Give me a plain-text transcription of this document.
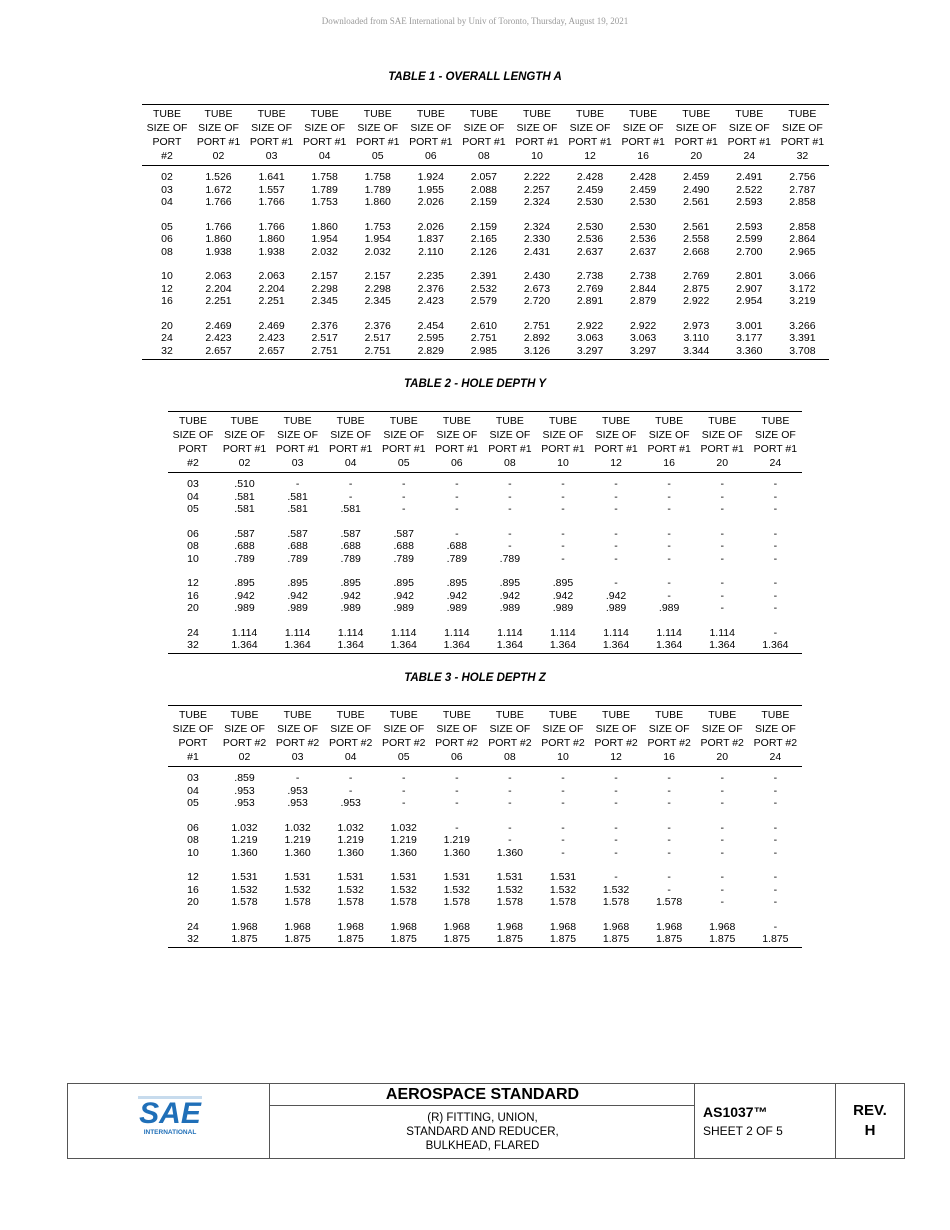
Downloaded from SAE International by Univ of Toronto, Thursday, August 19, 2021
TABLE 1 - OVERALL LENGTH A
TUBE	TUBE	TUBE	TUBE	TUBE	TUBE	TUBE	TUBE	TUBE	TUBE	TUBE	TUBE	TUBE
SIZE OF	SIZE OF	SIZE OF	SIZE OF	SIZE OF	SIZE OF	SIZE OF	SIZE OF	SIZE OF	SIZE OF	SIZE OF	SIZE OF	SIZE OF
PORT	PORT #1	PORT #1	PORT #1	PORT #1	PORT #1	PORT #1	PORT #1	PORT #1	PORT #1	PORT #1	PORT #1	PORT #1
#2	02	03	04	05	06	08	10	12	16	20	24	32
02	1.526	1.641	1.758	1.758	1.924	2.057	2.222	2.428	2.428	2.459	2.491	2.756
03	1.672	1.557	1.789	1.789	1.955	2.088	2.257	2.459	2.459	2.490	2.522	2.787
04	1.766	1.766	1.753	1.860	2.026	2.159	2.324	2.530	2.530	2.561	2.593	2.858
05	1.766	1.766	1.860	1.753	2.026	2.159	2.324	2.530	2.530	2.561	2.593	2.858
06	1.860	1.860	1.954	1.954	1.837	2.165	2.330	2.536	2.536	2.558	2.599	2.864
08	1.938	1.938	2.032	2.032	2.110	2.126	2.431	2.637	2.637	2.668	2.700	2.965
10	2.063	2.063	2.157	2.157	2.235	2.391	2.430	2.738	2.738	2.769	2.801	3.066
12	2.204	2.204	2.298	2.298	2.376	2.532	2.673	2.769	2.844	2.875	2.907	3.172
16	2.251	2.251	2.345	2.345	2.423	2.579	2.720	2.891	2.879	2.922	2.954	3.219
20	2.469	2.469	2.376	2.376	2.454	2.610	2.751	2.922	2.922	2.973	3.001	3.266
24	2.423	2.423	2.517	2.517	2.595	2.751	2.892	3.063	3.063	3.110	3.177	3.391
32	2.657	2.657	2.751	2.751	2.829	2.985	3.126	3.297	3.297	3.344	3.360	3.708
TABLE 2 - HOLE DEPTH Y
TUBE	TUBE	TUBE	TUBE	TUBE	TUBE	TUBE	TUBE	TUBE	TUBE	TUBE	TUBE
SIZE OF	SIZE OF	SIZE OF	SIZE OF	SIZE OF	SIZE OF	SIZE OF	SIZE OF	SIZE OF	SIZE OF	SIZE OF	SIZE OF
PORT	PORT #1	PORT #1	PORT #1	PORT #1	PORT #1	PORT #1	PORT #1	PORT #1	PORT #1	PORT #1	PORT #1
#2	02	03	04	05	06	08	10	12	16	20	24
03	.510	-	-	-	-	-	-	-	-	-	-
04	.581	.581	-	-	-	-	-	-	-	-	-
05	.581	.581	.581	-	-	-	-	-	-	-	-
06	.587	.587	.587	.587	-	-	-	-	-	-	-
08	.688	.688	.688	.688	.688	-	-	-	-	-	-
10	.789	.789	.789	.789	.789	.789	-	-	-	-	-
12	.895	.895	.895	.895	.895	.895	.895	-	-	-	-
16	.942	.942	.942	.942	.942	.942	.942	.942	-	-	-
20	.989	.989	.989	.989	.989	.989	.989	.989	.989	-	-
24	1.114	1.114	1.114	1.114	1.114	1.114	1.114	1.114	1.114	1.114	-
32	1.364	1.364	1.364	1.364	1.364	1.364	1.364	1.364	1.364	1.364	1.364
TABLE 3 - HOLE DEPTH Z
TUBE	TUBE	TUBE	TUBE	TUBE	TUBE	TUBE	TUBE	TUBE	TUBE	TUBE	TUBE
SIZE OF	SIZE OF	SIZE OF	SIZE OF	SIZE OF	SIZE OF	SIZE OF	SIZE OF	SIZE OF	SIZE OF	SIZE OF	SIZE OF
PORT	PORT #2	PORT #2	PORT #2	PORT #2	PORT #2	PORT #2	PORT #2	PORT #2	PORT #2	PORT #2	PORT #2
#1	02	03	04	05	06	08	10	12	16	20	24
03	.859	-	-	-	-	-	-	-	-	-	-
04	.953	.953	-	-	-	-	-	-	-	-	-
05	.953	.953	.953	-	-	-	-	-	-	-	-
06	1.032	1.032	1.032	1.032	-	-	-	-	-	-	-
08	1.219	1.219	1.219	1.219	1.219	-	-	-	-	-	-
10	1.360	1.360	1.360	1.360	1.360	1.360	-	-	-	-	-
12	1.531	1.531	1.531	1.531	1.531	1.531	1.531	-	-	-	-
16	1.532	1.532	1.532	1.532	1.532	1.532	1.532	1.532	-	-	-
20	1.578	1.578	1.578	1.578	1.578	1.578	1.578	1.578	1.578	-	-
24	1.968	1.968	1.968	1.968	1.968	1.968	1.968	1.968	1.968	1.968	-
32	1.875	1.875	1.875	1.875	1.875	1.875	1.875	1.875	1.875	1.875	1.875
SAE
INTERNATIONAL
AEROSPACE STANDARD
(R) FITTING, UNION,
STANDARD AND REDUCER,
BULKHEAD, FLARED
AS1037™
SHEET 2 OF 5
REV.
H
